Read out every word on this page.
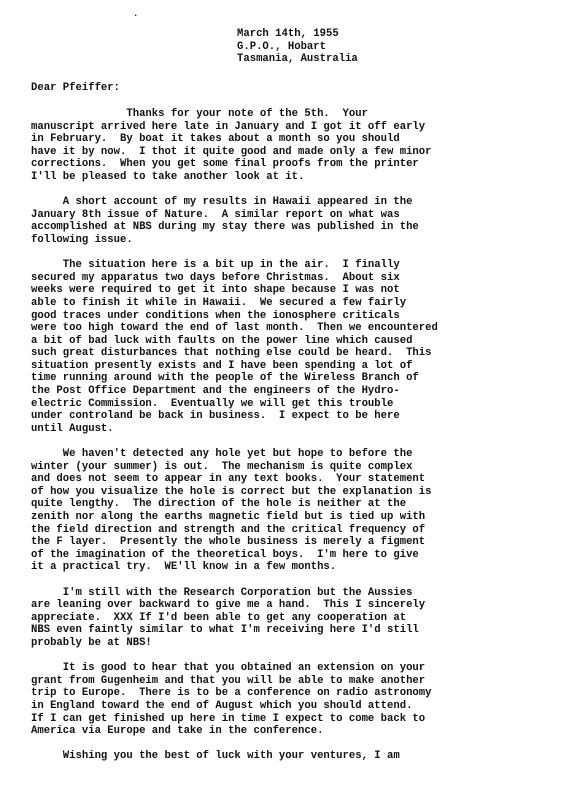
·
March 14th, 1955
G.P.O., Hobart
Tasmania, Australia
Dear Pfeiffer:
Thanks for your note of the 5th.  Your
manuscript arrived here late in January and I got it off early
in February.  By boat it takes about a month so you should
have it by now.  I thot it quite good and made only a few minor
corrections.  When you get some final proofs from the printer
I'll be pleased to take another look at it.
A short account of my results in Hawaii appeared in the
January 8th issue of Nature.  A similar report on what was
accomplished at NBS during my stay there was published in the
following issue.
The situation here is a bit up in the air.  I finally
secured my apparatus two days before Christmas.  About six
weeks were required to get it into shape because I was not
able to finish it while in Hawaii.  We secured a few fairly
good traces under conditions when the ionosphere criticals
were too high toward the end of last month.  Then we encountered
a bit of bad luck with faults on the power line which caused
such great disturbances that nothing else could be heard.  This
situation presently exists and I have been spending a lot of
time running around with the people of the Wireless Branch of
the Post Office Department and the engineers of the Hydro-
electric Commission.  Eventually we will get this trouble
under controland be back in business.  I expect to be here
until August.
We haven't detected any hole yet but hope to before the
winter (your summer) is out.  The mechanism is quite complex
and does not seem to appear in any text books.  Your statement
of how you visualize the hole is correct but the explanation is
quite lengthy.  The direction of the hole is neither at the
zenith nor along the earths magnetic field but is tied up with
the field direction and strength and the critical frequency of
the F layer.  Presently the whole business is merely a figment
of the imagination of the theoretical boys.  I'm here to give
it a practical try.  WE'll know in a few months.
I'm still with the Research Corporation but the Aussies
are leaning over backward to give me a hand.  This I sincerely
appreciate.  XXX If I'd been able to get any cooperation at
NBS even faintly similar to what I'm receiving here I'd still
probably be at NBS!
It is good to hear that you obtained an extension on your
grant from Gugenheim and that you will be able to make another
trip to Europe.  There is to be a conference on radio astronomy
in England toward the end of August which you should attend.
If I can get finished up here in time I expect to come back to
America via Europe and take in the conference.
Wishing you the best of luck with your ventures, I am
